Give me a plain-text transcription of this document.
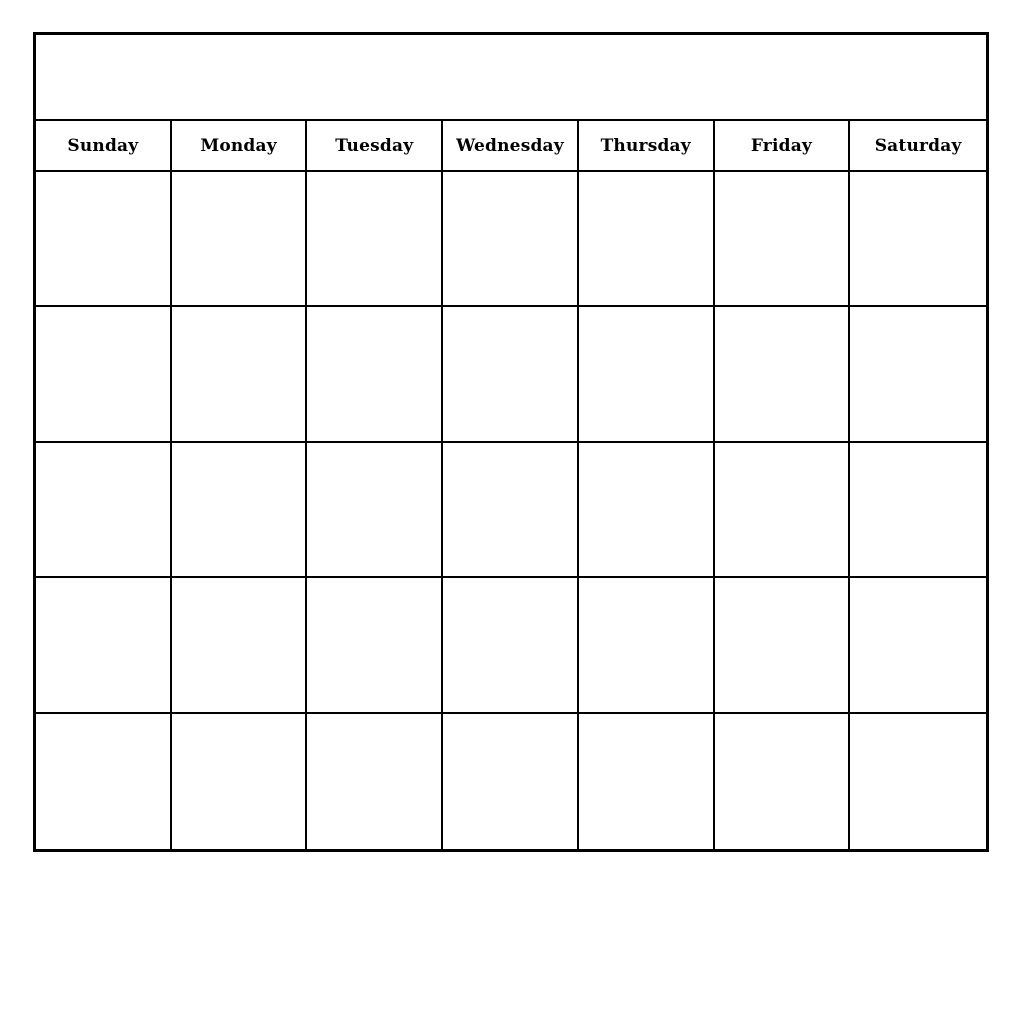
Sunday	Monday	Tuesday	Wednesday	Thursday	Friday	Saturday
